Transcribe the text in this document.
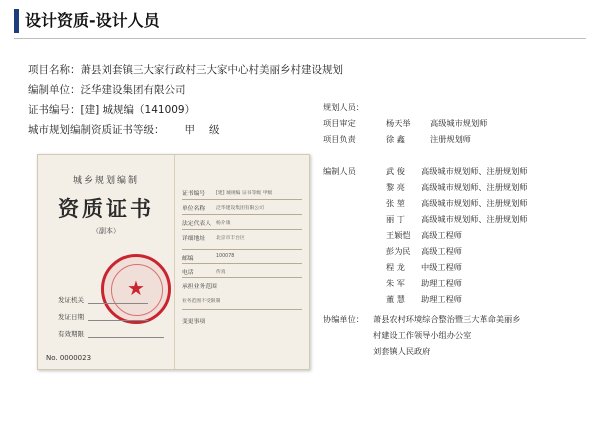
设计资质-设计人员
项目名称：萧县刘套镇三大家行政村三大家中心村美丽乡村建设规划
编制单位：泛华建设集团有限公司
证书编号：[建] 城规编（141009）
城市规划编制资质证书等级： 甲 级
城乡规划编制
资质证书
（副本）
★
发证机关
发证日期
有效期限
No. 0000023
证书编号 [建] 城规编 证书等级 甲级
单位名称 泛华建设集团有限公司
法定代表人 杨介康
详细地址 北京市丰台区
邮编	100078
电话	传真
承担业务范围
业务范围不受限制
变更事项
规划人员：
项目审定	杨天举 高级城市规划师
项目负责	徐 鑫	注册规划师
编制人员	武 俊 高级城市规划师、注册规划师
黎 亮 高级城市规划师、注册规划师
张 堃 高级城市规划师、注册规划师
丽 丁 高级城市规划师、注册规划师
王颖恺 高级工程师
彭为民 高级工程师
程 龙 中级工程师
朱 军 助理工程师
董 慧 助理工程师
协编单位： 萧县农村环境综合整治暨三大革命美丽乡
村建设工作领导小组办公室
刘套镇人民政府
